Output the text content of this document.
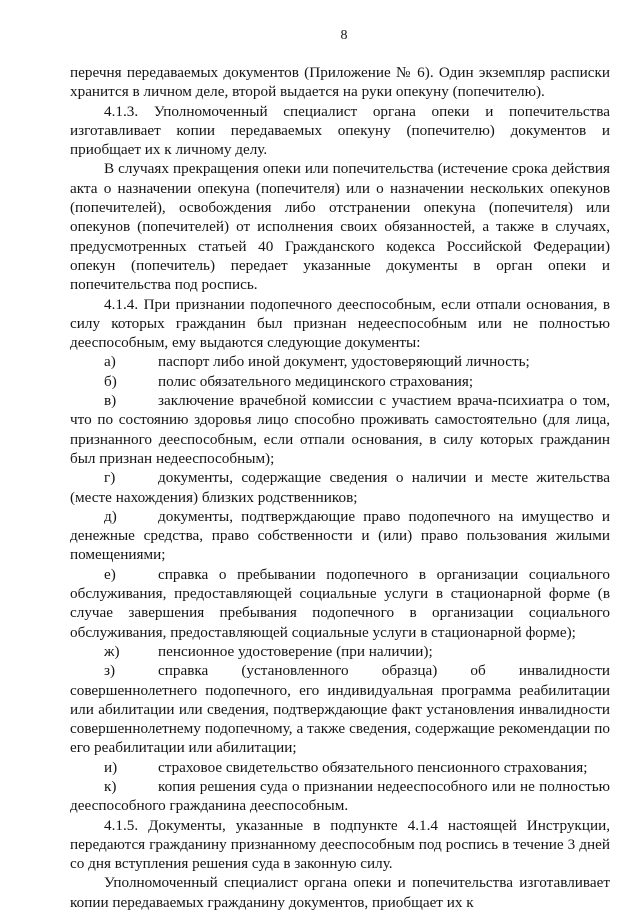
8

перечня передаваемых документов (Приложение № 6). Один экземпляр расписки хранится в личном деле, второй выдается на руки опекуну (попечителю).

4.1.3. Уполномоченный специалист органа опеки и попечительства изготавливает копии передаваемых опекуну (попечителю) документов и приобщает их к личному делу.

В случаях прекращения опеки или попечительства (истечение срока действия акта о назначении опекуна (попечителя) или о назначении нескольких опекунов (попечителей), освобождения либо отстранении опекуна (попечителя) или опекунов (попечителей) от исполнения своих обязанностей, а также в случаях, предусмотренных статьей 40 Гражданского кодекса Российской Федерации) опекун (попечитель) передает указанные документы в орган опеки и попечительства под роспись.

4.1.4. При признании подопечного дееспособным, если отпали основания, в силу которых гражданин был признан недееспособным или не полностью дееспособным, ему выдаются следующие документы:

а)	паспорт либо иной документ, удостоверяющий личность;

б)	полис обязательного медицинского страхования;

в)	заключение врачебной комиссии с участием врача-психиатра о том, что по состоянию здоровья лицо способно проживать самостоятельно (для лица, признанного дееспособным, если отпали основания, в силу которых гражданин был признан недееспособным);

г)	документы, содержащие сведения о наличии и месте жительства (месте нахождения) близких родственников;

д)	документы, подтверждающие право подопечного на имущество и денежные средства, право собственности и (или) право пользования жилыми помещениями;

е)	справка о пребывании подопечного в организации социального обслуживания, предоставляющей социальные услуги в стационарной форме (в случае завершения пребывания подопечного в организации социального обслуживания, предоставляющей социальные услуги в стационарной форме);

ж)	пенсионное удостоверение (при наличии);

з)	справка (установленного образца) об инвалидности совершеннолетнего подопечного, его индивидуальная программа реабилитации или абилитации или сведения, подтверждающие факт установления инвалидности совершеннолетнему подопечному, а также сведения, содержащие рекомендации по его реабилитации или абилитации;

и)	страховое свидетельство обязательного пенсионного страхования;

к)	копия решения суда о признании недееспособного или не полностью дееспособного гражданина дееспособным.

4.1.5. Документы, указанные в подпункте 4.1.4 настоящей Инструкции, передаются гражданину признанному дееспособным под роспись в течение 3 дней со дня вступления решения суда в законную силу.

Уполномоченный специалист органа опеки и попечительства изготавливает копии передаваемых гражданину документов, приобщает их к
